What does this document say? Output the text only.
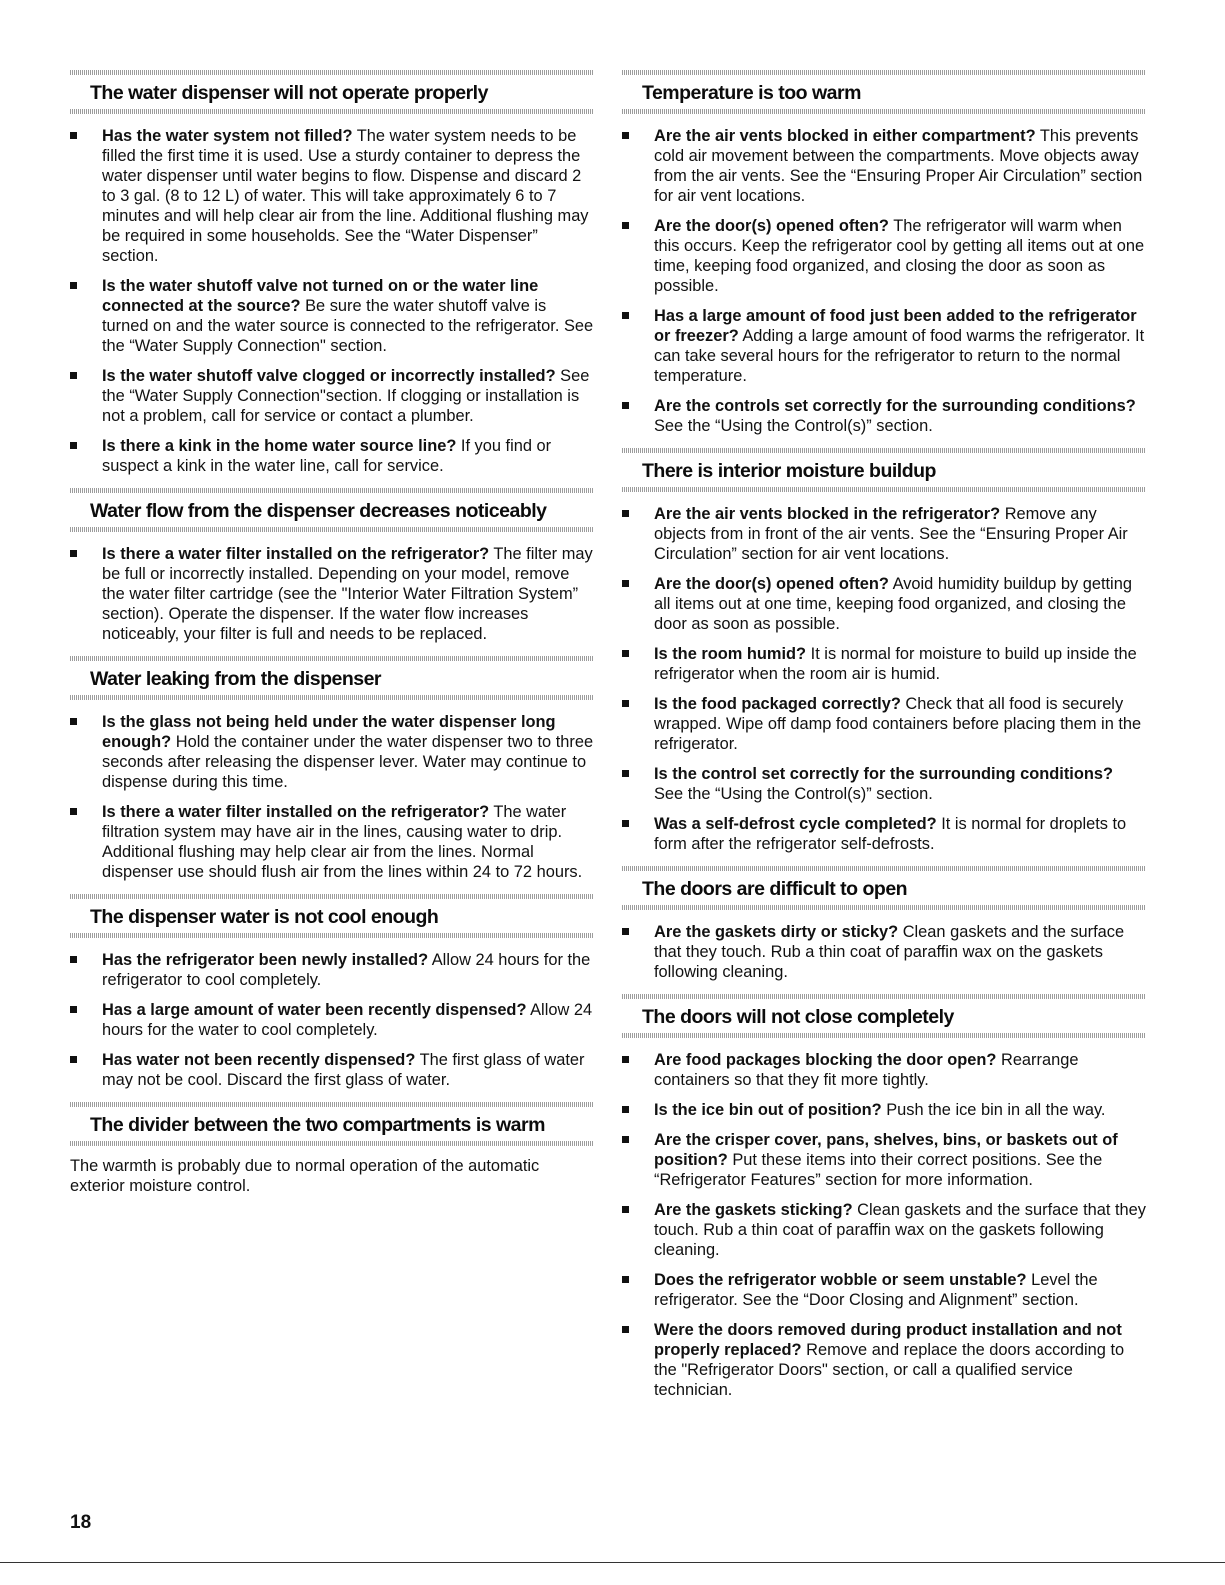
The water dispenser will not operate properly
Has the water system not filled? The water system needs to be filled the first time it is used. Use a sturdy container to depress the water dispenser until water begins to flow. Dispense and discard 2 to 3 gal. (8 to 12 L) of water. This will take approximately 6 to 7 minutes and will help clear air from the line. Additional flushing may be required in some households. See the “Water Dispenser” section.
Is the water shutoff valve not turned on or the water line connected at the source? Be sure the water shutoff valve is turned on and the water source is connected to the refrigerator. See the “Water Supply Connection" section.
Is the water shutoff valve clogged or incorrectly installed? See the “Water Supply Connection"section. If clogging or installation is not a problem, call for service or contact a plumber.
Is there a kink in the home water source line? If you find or suspect a kink in the water line, call for service.
Water flow from the dispenser decreases noticeably
Is there a water filter installed on the refrigerator? The filter may be full or incorrectly installed. Depending on your model, remove the water filter cartridge (see the "Interior Water Filtration System” section). Operate the dispenser. If the water flow increases noticeably, your filter is full and needs to be replaced.
Water leaking from the dispenser
Is the glass not being held under the water dispenser long enough? Hold the container under the water dispenser two to three seconds after releasing the dispenser lever. Water may continue to dispense during this time.
Is there a water filter installed on the refrigerator? The water filtration system may have air in the lines, causing water to drip. Additional flushing may help clear air from the lines. Normal dispenser use should flush air from the lines within 24 to 72 hours.
The dispenser water is not cool enough
Has the refrigerator been newly installed? Allow 24 hours for the refrigerator to cool completely.
Has a large amount of water been recently dispensed? Allow 24 hours for the water to cool completely.
Has water not been recently dispensed? The first glass of water may not be cool. Discard the first glass of water.
The divider between the two compartments is warm
The warmth is probably due to normal operation of the automatic exterior moisture control.
Temperature is too warm
Are the air vents blocked in either compartment? This prevents cold air movement between the compartments. Move objects away from the air vents. See the “Ensuring Proper Air Circulation” section for air vent locations.
Are the door(s) opened often? The refrigerator will warm when this occurs. Keep the refrigerator cool by getting all items out at one time, keeping food organized, and closing the door as soon as possible.
Has a large amount of food just been added to the refrigerator or freezer? Adding a large amount of food warms the refrigerator. It can take several hours for the refrigerator to return to the normal temperature.
Are the controls set correctly for the surrounding conditions? See the “Using the Control(s)” section.
There is interior moisture buildup
Are the air vents blocked in the refrigerator? Remove any objects from in front of the air vents. See the “Ensuring Proper Air Circulation” section for air vent locations.
Are the door(s) opened often? Avoid humidity buildup by getting all items out at one time, keeping food organized, and closing the door as soon as possible.
Is the room humid? It is normal for moisture to build up inside the refrigerator when the room air is humid.
Is the food packaged correctly? Check that all food is securely wrapped. Wipe off damp food containers before placing them in the refrigerator.
Is the control set correctly for the surrounding conditions? See the “Using the Control(s)” section.
Was a self-defrost cycle completed? It is normal for droplets to form after the refrigerator self-defrosts.
The doors are difficult to open
Are the gaskets dirty or sticky? Clean gaskets and the surface that they touch. Rub a thin coat of paraffin wax on the gaskets following cleaning.
The doors will not close completely
Are food packages blocking the door open? Rearrange containers so that they fit more tightly.
Is the ice bin out of position? Push the ice bin in all the way.
Are the crisper cover, pans, shelves, bins, or baskets out of position? Put these items into their correct positions. See the “Refrigerator Features” section for more information.
Are the gaskets sticking? Clean gaskets and the surface that they touch. Rub a thin coat of paraffin wax on the gaskets following cleaning.
Does the refrigerator wobble or seem unstable? Level the refrigerator. See the “Door Closing and Alignment” section.
Were the doors removed during product installation and not properly replaced? Remove and replace the doors according to the "Refrigerator Doors" section, or call a qualified service technician.
18
